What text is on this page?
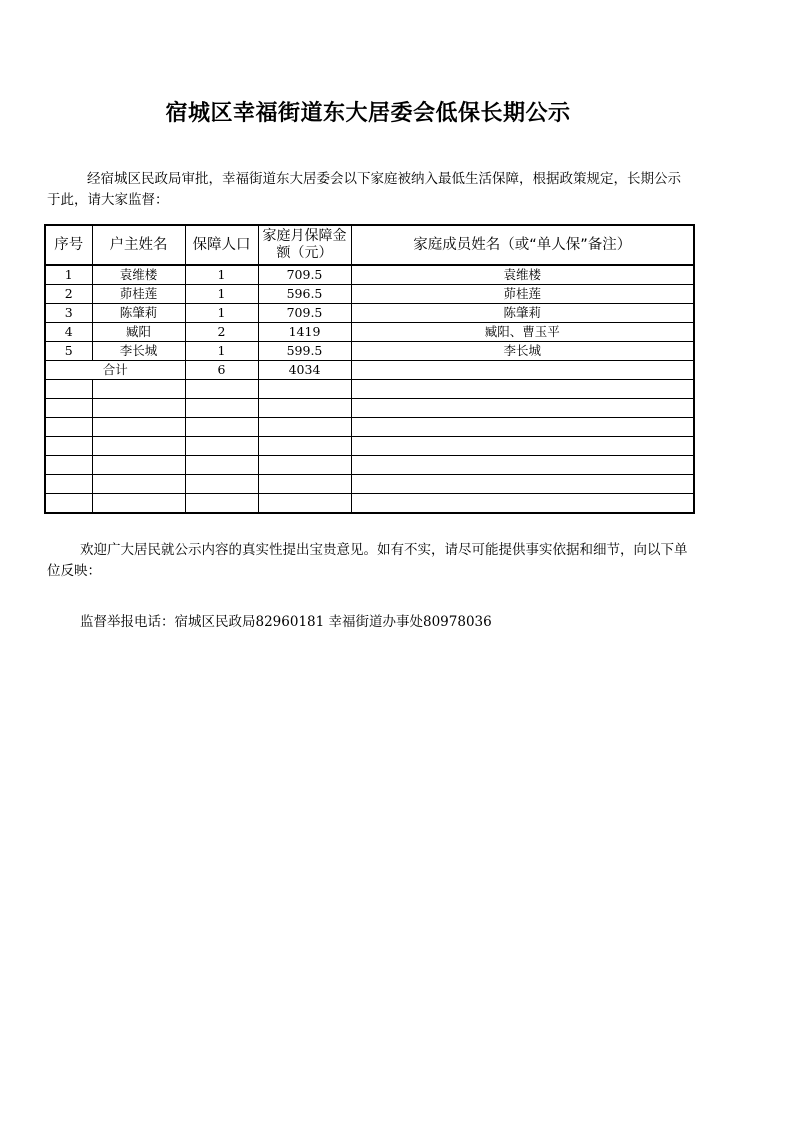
宿城区幸福街道东大居委会低保长期公示

经宿城区民政局审批，幸福街道东大居委会以下家庭被纳入最低生活保障，根据政策规定，长期公示于此，请大家监督：

序号	户主姓名	保障人口	家庭月保障金额（元）	家庭成员姓名（或“单人保”备注）
1	袁维楼	1	709.5	袁维楼
2	茆桂莲	1	596.5	茆桂莲
3	陈肇莉	1	709.5	陈肇莉
4	臧阳	2	1419	臧阳、曹玉平
5	李长城	1	599.5	李长城
合计		6	4034	

欢迎广大居民就公示内容的真实性提出宝贵意见。如有不实，请尽可能提供事实依据和细节，向以下单位反映：

监督举报电话：宿城区民政局82960181 幸福街道办事处80978036
